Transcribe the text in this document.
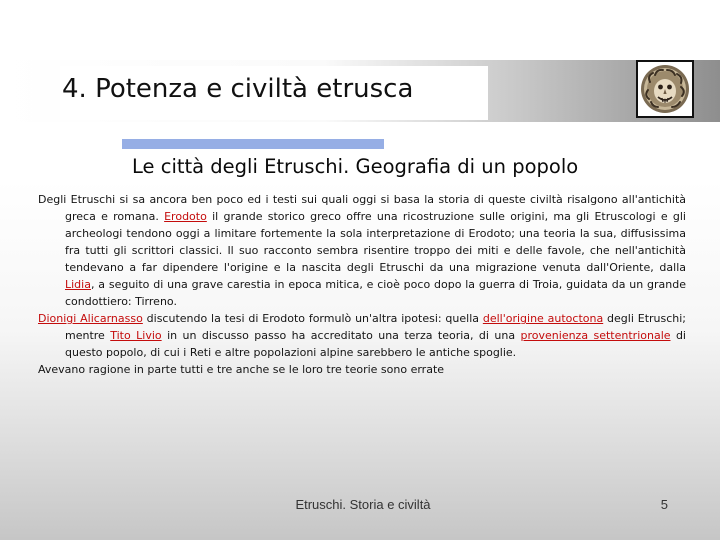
4. Potenza e civiltà etrusca
Le città degli Etruschi. Geografia di un popolo

Degli Etruschi si sa ancora ben poco ed i testi sui quali oggi si basa la storia di queste civiltà risalgono all'antichità greca e romana. Erodoto il grande storico greco offre una ricostruzione sulle origini, ma gli Etruscologi e gli archeologi tendono oggi a limitare fortemente la sola interpretazione di Erodoto; una teoria la sua, diffusissima fra tutti gli scrittori classici. Il suo racconto sembra risentire troppo dei miti e delle favole, che nell'antichità tendevano a far dipendere l'origine e la nascita degli Etruschi da una migrazione venuta dall'Oriente, dalla Lidia, a seguito di una grave carestia in epoca mitica, e cioè poco dopo la guerra di Troia, guidata da un grande condottiero: Tirreno.

Dionigi Alicarnasso discutendo la tesi di Erodoto formulò un'altra ipotesi: quella dell'origine autoctona degli Etruschi; mentre Tito Livio in un discusso passo ha accreditato una terza teoria, di una provenienza settentrionale di questo popolo, di cui i Reti e altre popolazioni alpine sarebbero le antiche spoglie.

Avevano ragione in parte tutti e tre anche se le loro tre teorie sono errate

Etruschi. Storia e civiltà	5
